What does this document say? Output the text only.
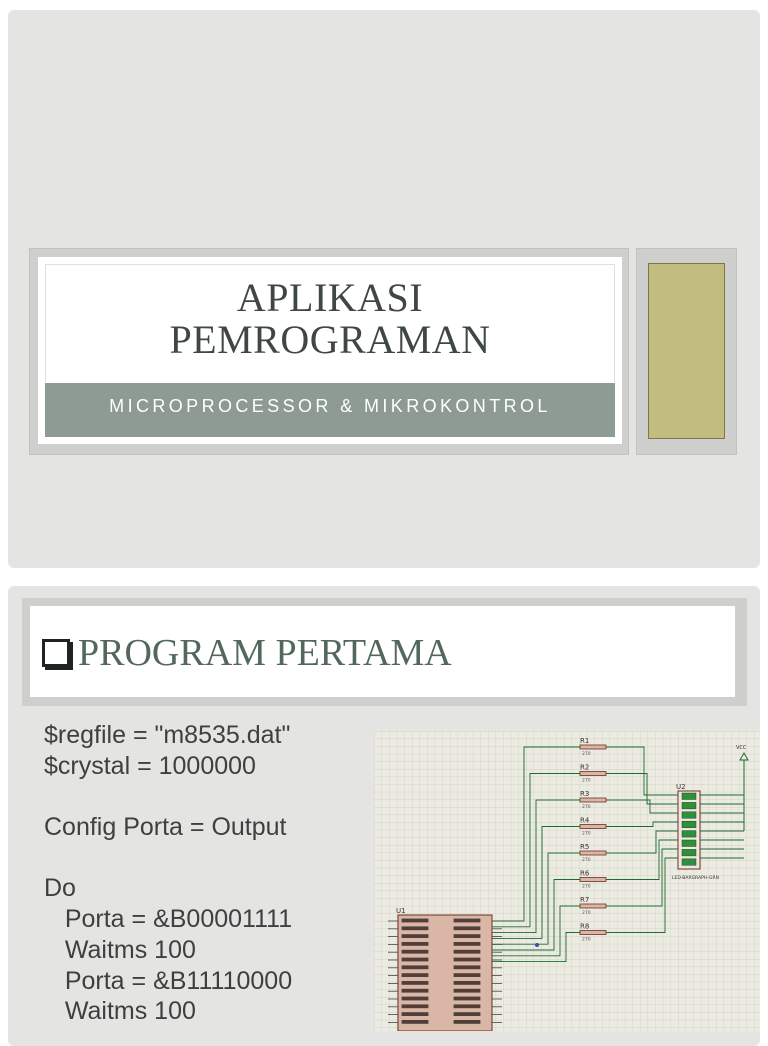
APLIKASI
PEMROGRAMAN
MICROPROCESSOR & MIKROKONTROL
PROGRAM PERTAMA
$regfile = "m8535.dat"
$crystal = 1000000
Config Porta = Output
Do
Porta = &B00001111
Waitms 100
Porta = &B11110000
Waitms 100
U1
R1
270
R2
270
R3
270
R4
270
R5
270
R6
270
R7
270
R8
270
U2
LED-BARGRAPH-GRN
VCC
